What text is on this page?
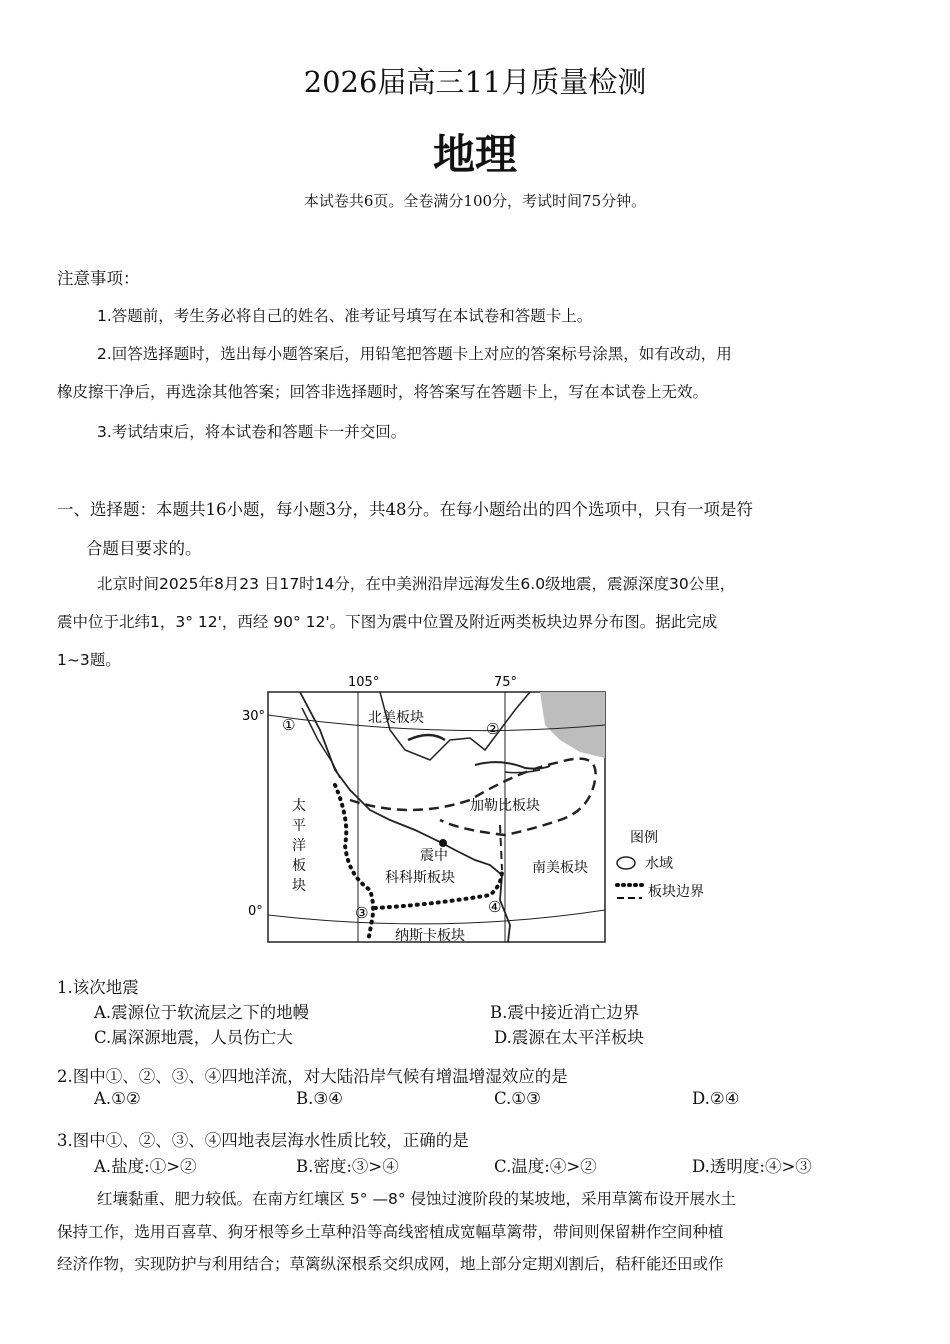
2026届高三11月质量检测
地理
本试卷共6页。全卷满分100分，考试时间75分钟。
注意事项：
1.答题前，考生务必将自己的姓名、准考证号填写在本试卷和答题卡上。
2.回答选择题时，选出每小题答案后，用铅笔把答题卡上对应的答案标号涂黑，如有改动，用
橡皮擦干净后，再选涂其他答案；回答非选择题时，将答案写在答题卡上，写在本试卷上无效。
3.考试结束后，将本试卷和答题卡一并交回。
一、选择题：本题共16小题，每小题3分，共48分。在每小题给出的四个选项中，只有一项是符
合题目要求的。
北京时间2025年8月23 日17时14分，在中美洲沿岸远海发生6.0级地震，震源深度30公里，
震中位于北纬1，3° 12'，西经 90° 12'。下图为震中位置及附近两类板块边界分布图。据此完成
1~3题。
105°	75°
30°
0°
北美板块
加勒比板块
太
平
洋
板
块
震中
科科斯板块
南美板块
纳斯卡板块
①	②
③	④
图例
水域
板块边界
1.该次地震
A.震源位于软流层之下的地幔	B.震中接近消亡边界
C.属深源地震，人员伤亡大	D.震源在太平洋板块
2.图中①、②、③、④四地洋流，对大陆沿岸气候有增温增湿效应的是
A.①②	B.③④	C.①③	D.②④
3.图中①、②、③、④四地表层海水性质比较，正确的是
A.盐度:①>②	B.密度:③>④	C.温度:④>②	D.透明度:④>③
红壤黏重、肥力较低。在南方红壤区 5° —8° 侵蚀过渡阶段的某坡地，采用草篱布设开展水土
保持工作，选用百喜草、狗牙根等乡土草种沿等高线密植成宽幅草篱带，带间则保留耕作空间种植
经济作物，实现防护与利用结合；草篱纵深根系交织成网，地上部分定期刈割后，秸秆能还田或作
